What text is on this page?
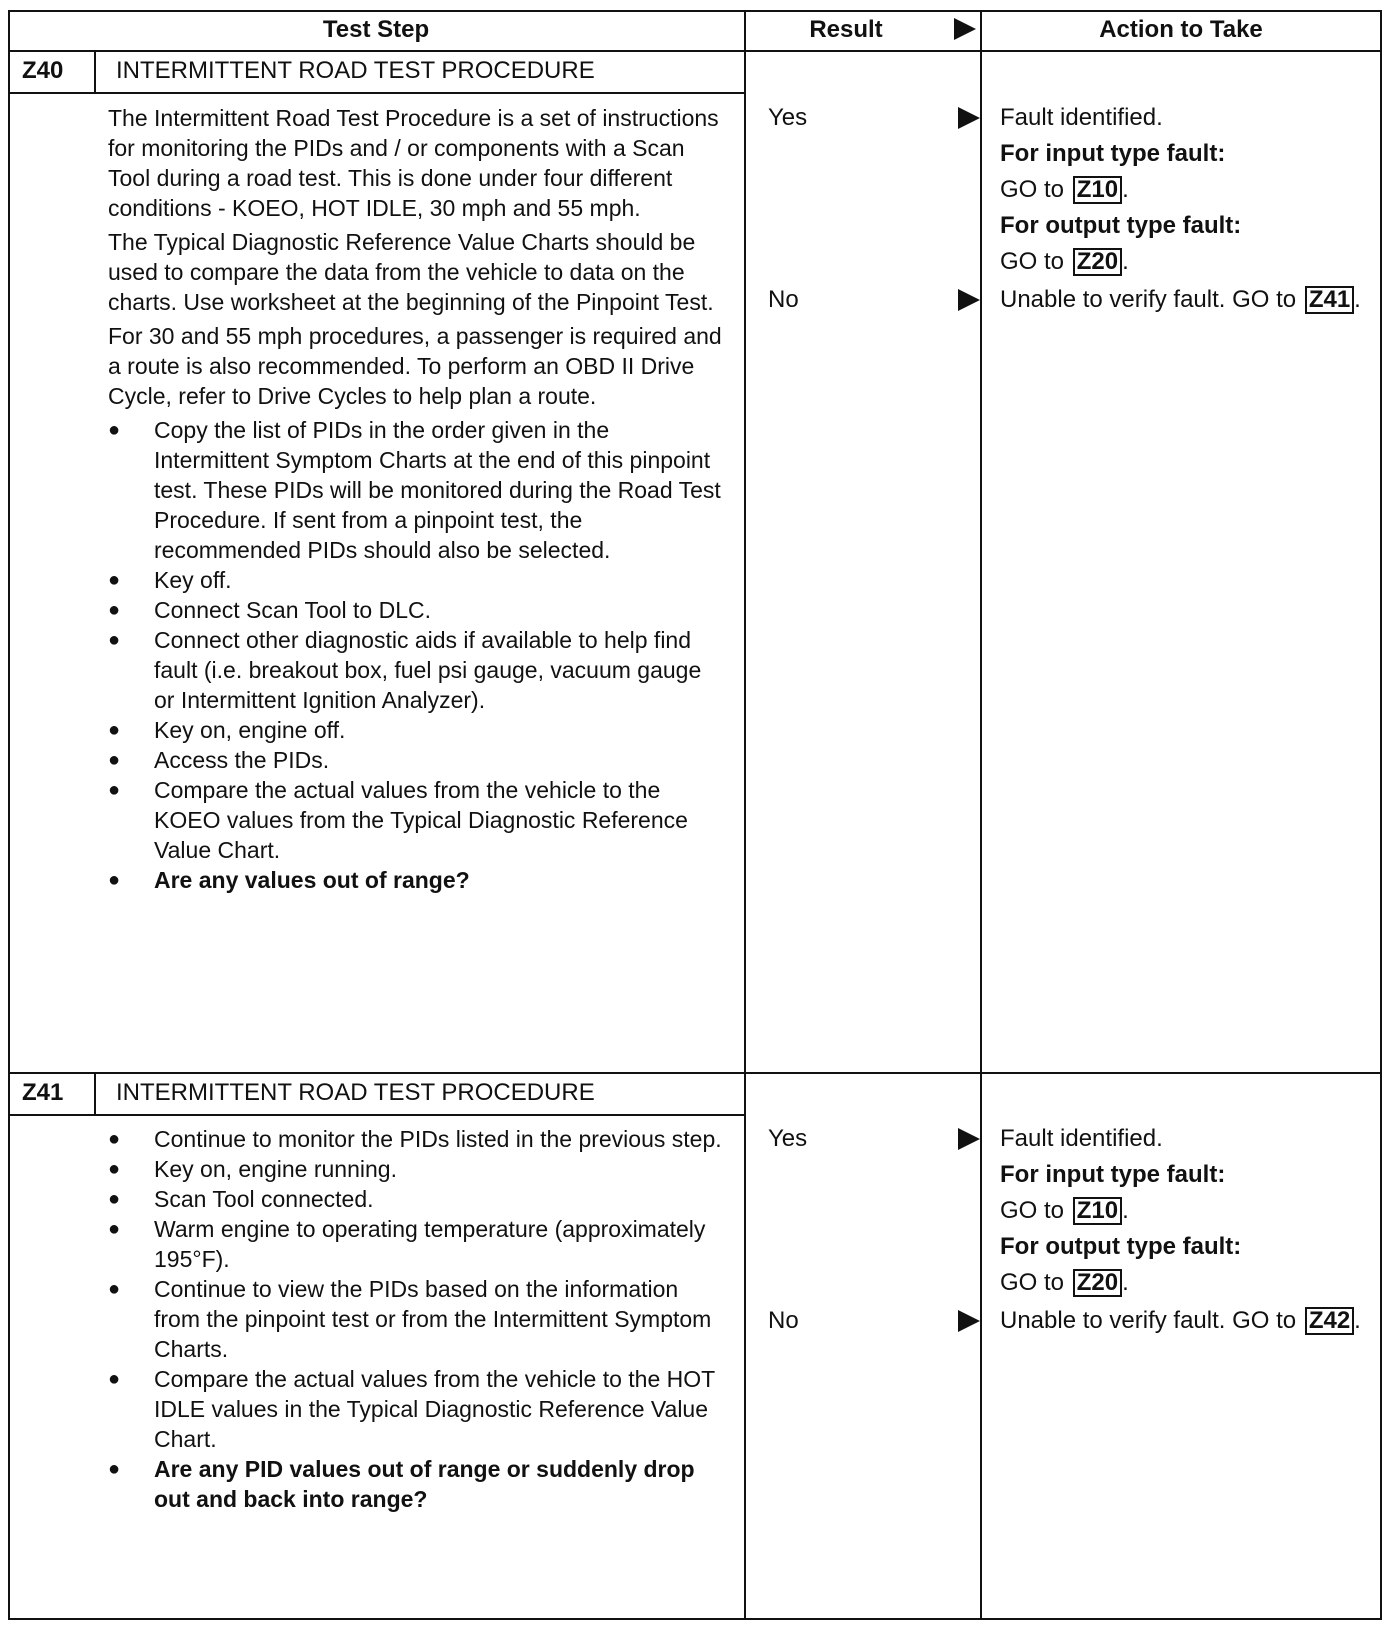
Test Step	Result	Action to Take
Z40	INTERMITTENT ROAD TEST PROCEDURE

The Intermittent Road Test Procedure is a set of instructions for monitoring the PIDs and / or components with a Scan Tool during a road test. This is done under four different conditions - KOEO, HOT IDLE, 30 mph and 55 mph.

The Typical Diagnostic Reference Value Charts should be used to compare the data from the vehicle to data on the charts. Use worksheet at the beginning of the Pinpoint Test.

For 30 and 55 mph procedures, a passenger is required and a route is also recommended. To perform an OBD II Drive Cycle, refer to Drive Cycles to help plan a route.

● Copy the list of PIDs in the order given in the Intermittent Symptom Charts at the end of this pinpoint test. These PIDs will be monitored during the Road Test Procedure. If sent from a pinpoint test, the recommended PIDs should also be selected.
● Key off.
● Connect Scan Tool to DLC.
● Connect other diagnostic aids if available to help find fault (i.e. breakout box, fuel psi gauge, vacuum gauge or Intermittent Ignition Analyzer).
● Key on, engine off.
● Access the PIDs.
● Compare the actual values from the vehicle to the KOEO values from the Typical Diagnostic Reference Value Chart.
● Are any values out of range?
Yes	Fault identified.

For input type fault:

GO to Z10 .

For output type fault:

GO to Z20 .

No	Unable to verify fault. GO to Z41 .

Z41	INTERMITTENT ROAD TEST PROCEDURE
● Continue to monitor the PIDs listed in the previous step.
● Key on, engine running.
● Scan Tool connected.
● Warm engine to operating temperature (approximately 195°F).
● Continue to view the PIDs based on the information from the pinpoint test or from the Intermittent Symptom Charts.
● Compare the actual values from the vehicle to the HOT IDLE values in the Typical Diagnostic Reference Value Chart.
● Are any PID values out of range or suddenly drop out and back into range?
Yes	Fault identified.

For input type fault:

GO to Z10 .

For output type fault:

GO to Z20 .

No	Unable to verify fault. GO to Z42 .
